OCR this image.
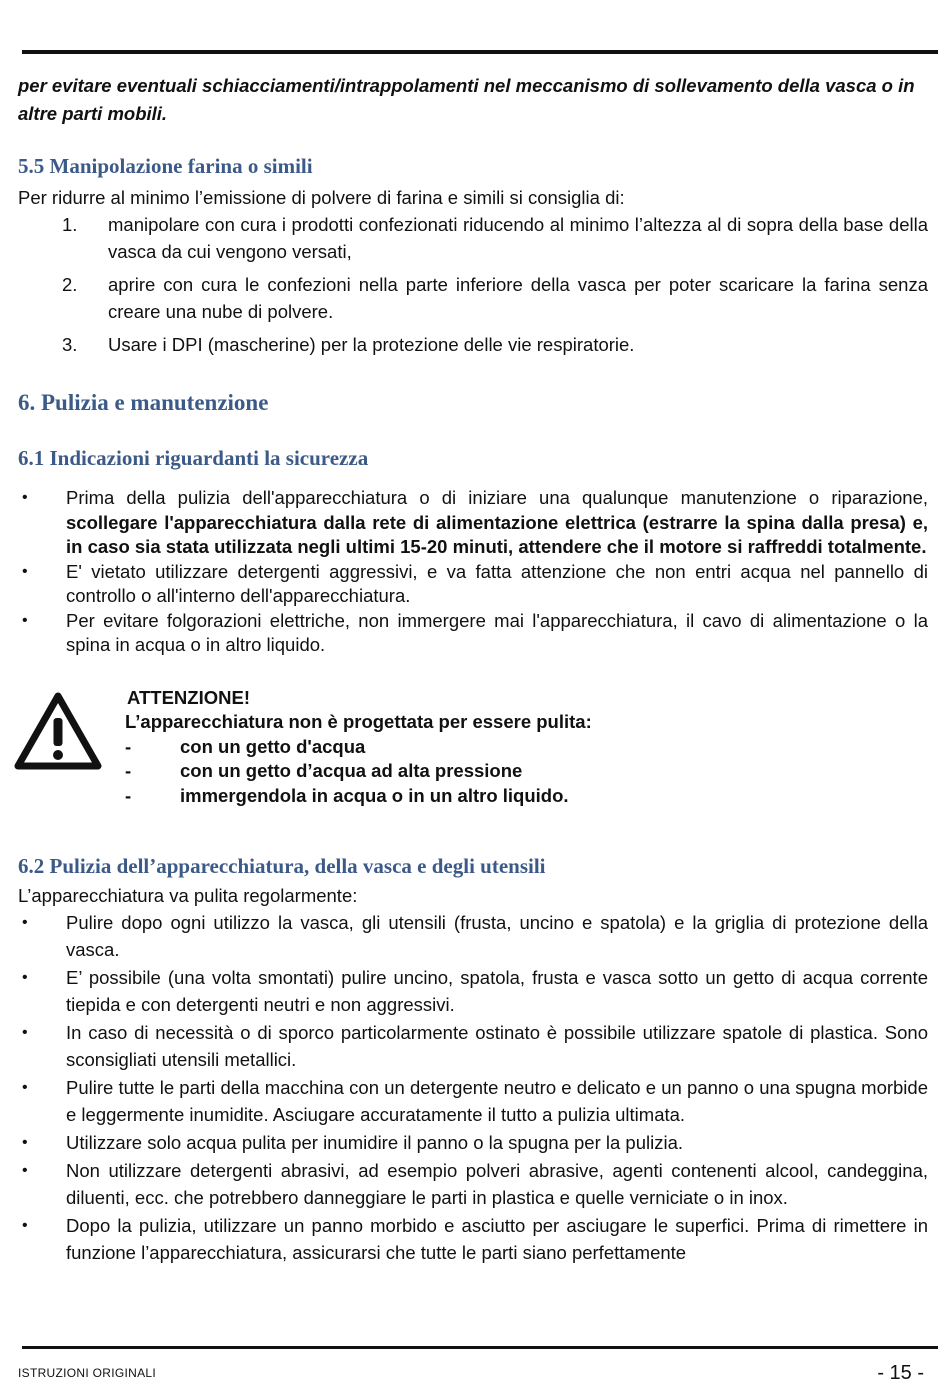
per evitare eventuali schiacciamenti/intrappolamenti nel meccanismo di sollevamento della vasca o in altre parti mobili.

5.5 Manipolazione farina o simili

Per ridurre al minimo l’emissione di polvere di farina e simili si consiglia di:

1. manipolare con cura i prodotti confezionati riducendo al minimo l’altezza al di sopra della base della vasca da cui vengono versati,
2. aprire con cura le confezioni nella parte inferiore della vasca per poter scaricare la farina senza creare una nube di polvere.
3. Usare i DPI (mascherine) per la protezione delle vie respiratorie.
6. Pulizia e manutenzione
6.1 Indicazioni riguardanti la sicurezza
• Prima della pulizia dell'apparecchiatura o di iniziare una qualunque manutenzione o riparazione, scollegare l'apparecchiatura dalla rete di alimentazione elettrica (estrarre la spina dalla presa) e, in caso sia stata utilizzata negli ultimi 15-20 minuti, attendere che il motore si raffreddi totalmente.
• E' vietato utilizzare detergenti aggressivi, e va fatta attenzione che non entri acqua nel pannello di controllo o all'interno dell'apparecchiatura.
• Per evitare folgorazioni elettriche, non immergere mai l'apparecchiatura, il cavo di alimentazione o la spina in acqua o in altro liquido.
ATTENZIONE!
L’apparecchiatura non è progettata per essere pulita:
-	con un getto d'acqua
-	con un getto d’acqua ad alta pressione
-	immergendola in acqua o in un altro liquido.
6.2 Pulizia dell’apparecchiatura, della vasca e degli utensili

L’apparecchiatura va pulita regolarmente:

• Pulire dopo ogni utilizzo la vasca, gli utensili (frusta, uncino e spatola) e la griglia di protezione della vasca.
• E’ possibile (una volta smontati) pulire uncino, spatola, frusta e vasca sotto un getto di acqua corrente tiepida e con detergenti neutri e non aggressivi.
• In caso di necessità o di sporco particolarmente ostinato è possibile utilizzare spatole di plastica. Sono sconsigliati utensili metallici.
• Pulire tutte le parti della macchina con un detergente neutro e delicato e un panno o una spugna morbide e leggermente inumidite. Asciugare accuratamente il tutto a pulizia ultimata.
• Utilizzare solo acqua pulita per inumidire il panno o la spugna per la pulizia.
• Non utilizzare detergenti abrasivi, ad esempio polveri abrasive, agenti contenenti alcool, candeggina, diluenti, ecc. che potrebbero danneggiare le parti in plastica e quelle verniciate o in inox.
• Dopo la pulizia, utilizzare un panno morbido e asciutto per asciugare le superfici. Prima di rimettere in funzione l’apparecchiatura, assicurarsi che tutte le parti siano perfettamente
ISTRUZIONI ORIGINALI	- 15 -
